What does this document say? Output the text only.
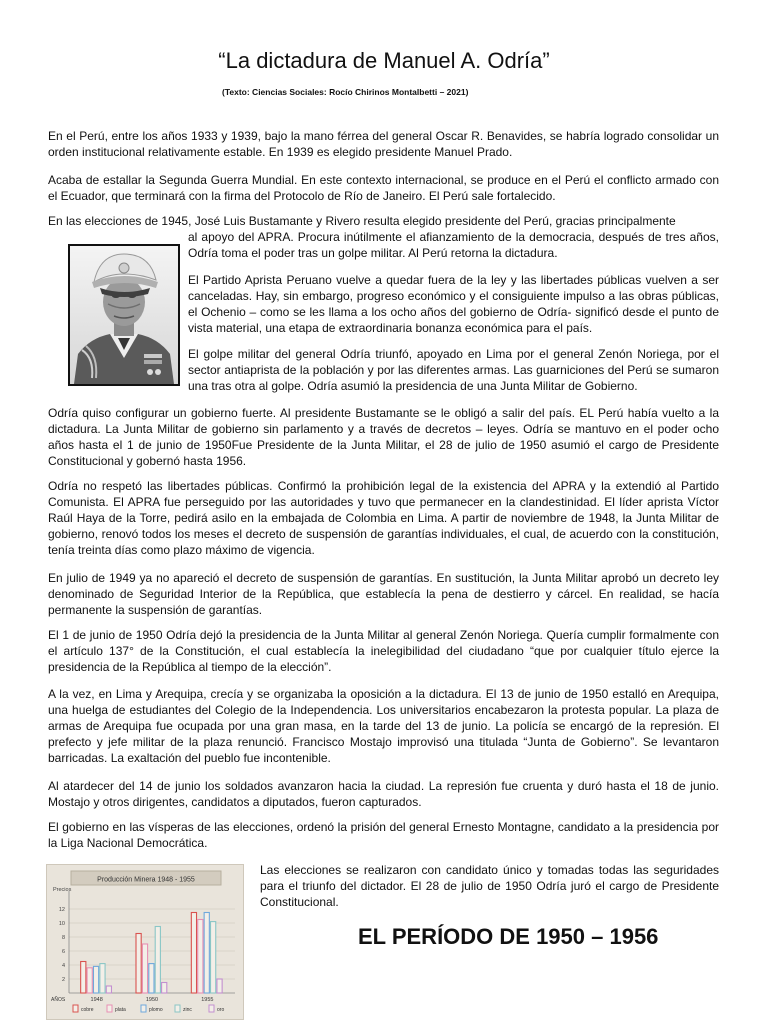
“La dictadura de Manuel A. Odría”

(Texto: Ciencias Sociales: Rocío Chirinos Montalbetti – 2021)

En el Perú, entre los años 1933 y 1939, bajo la mano férrea del general Oscar R. Benavides, se habría logrado consolidar un orden institucional relativamente estable. En 1939 es elegido presidente Manuel Prado.

Acaba de estallar la Segunda Guerra Mundial. En este contexto internacional, se produce en el Perú el conflicto armado con el Ecuador, que terminará con la firma del Protocolo de Río de Janeiro. El Perú sale fortalecido.

En las elecciones de 1945, José Luis Bustamante y Rivero resulta elegido presidente del Perú, gracias principalmente

al apoyo del APRA. Procura inútilmente el afianzamiento de la democracia, después de tres años, Odría toma el poder tras un golpe militar. Al Perú retorna la dictadura.

El Partido Aprista Peruano vuelve a quedar fuera de la ley y las libertades públicas vuelven a ser canceladas. Hay, sin embargo, progreso económico y el consiguiente impulso a las obras públicas, el Ochenio – como se les llama a los ocho años del gobierno de Odría- significó desde el punto de vista material, una etapa de extraordinaria bonanza económica para el país.

El golpe militar del general Odría triunfó, apoyado en Lima por el general Zenón Noriega, por el sector antiaprista de la población y por las diferentes armas. Las guarniciones del Perú se sumaron una tras otra al golpe. Odría asumió la presidencia de una Junta Militar de Gobierno.

Odría quiso configurar un gobierno fuerte. Al presidente Bustamante se le obligó a salir del país. EL Perú había vuelto a la dictadura. La Junta Militar de gobierno sin parlamento y a través de decretos – leyes. Odría se mantuvo en el poder ocho años hasta el 1 de junio de 1950Fue Presidente de la Junta Militar, el 28 de julio de 1950 asumió el cargo de Presidente Constitucional y gobernó hasta 1956.

Odría no respetó las libertades públicas. Confirmó la prohibición legal de la existencia del APRA y la extendió al Partido Comunista. El APRA fue perseguido por las autoridades y tuvo que permanecer en la clandestinidad. El líder aprista Víctor Raúl Haya de la Torre, pedirá asilo en la embajada de Colombia en Lima. A partir de noviembre de 1948, la Junta Militar de gobierno, renovó todos los meses el decreto de suspensión de garantías individuales, el cual, de acuerdo con la constitución, tenía treinta días como plazo máximo de vigencia.

En julio de 1949 ya no apareció el decreto de suspensión de garantías. En sustitución, la Junta Militar aprobó un decreto ley denominado de Seguridad Interior de la República, que establecía la pena de destierro y cárcel. En realidad, se hacía permanente la suspensión de garantías.

El 1 de junio de 1950 Odría dejó la presidencia de la Junta Militar al general Zenón Noriega. Quería cumplir formalmente con el artículo 137° de la Constitución, el cual establecía la inelegibilidad del ciudadano “que por cualquier título ejerce la presidencia de la República al tiempo de la elección”.

A la vez, en Lima y Arequipa, crecía y se organizaba la oposición a la dictadura. El 13 de junio de 1950 estalló en Arequipa, una huelga de estudiantes del Colegio de la Independencia. Los universitarios encabezaron la protesta popular. La plaza de armas de Arequipa fue ocupada por una gran masa, en la tarde del 13 de junio. La policía se encargó de la represión. El prefecto y jefe militar de la plaza renunció. Francisco Mostajo improvisó una titulada “Junta de Gobierno”. Se levantaron barricadas. La exaltación del pueblo fue incontenible.

Al atardecer del 14 de junio los soldados avanzaron hacia la ciudad. La represión fue cruenta y duró hasta el 18 de junio. Mostajo y otros dirigentes, candidatos a diputados, fueron capturados.

El gobierno en las vísperas de las elecciones, ordenó la prisión del general Ernesto Montagne, candidato a la presidencia por la Liga Nacional Democrática.

Producción Minera 1948 - 1955
Precios
2
4
6
8
10
12
1948	1950	1955
AÑOS
cobre	plata	plomo	zinc	oro

Las elecciones se realizaron con candidato único y tomadas todas las seguridades para el triunfo del dictador. El 28 de julio de 1950 Odría juró el cargo de Presidente Constitucional.

EL PERÍODO DE 1950 – 1956
